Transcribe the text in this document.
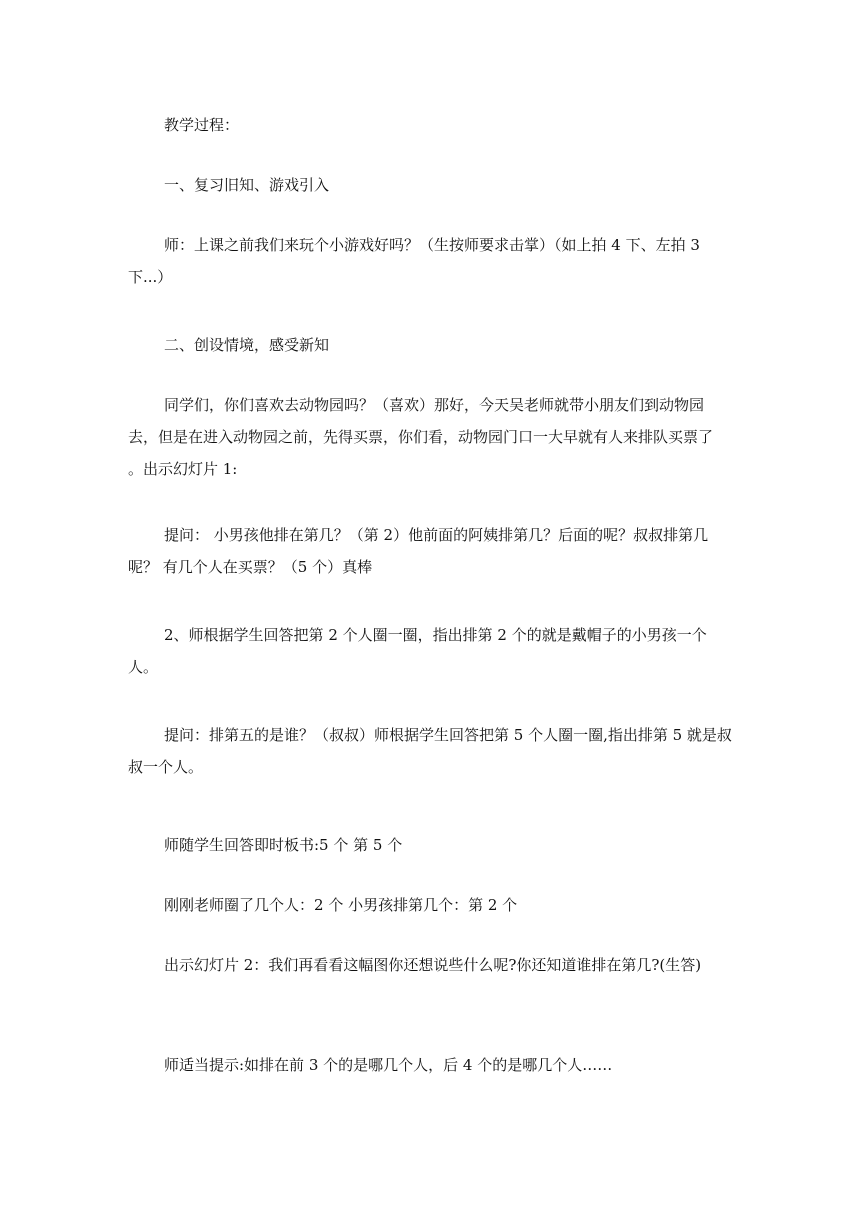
教学过程：

一、复习旧知、游戏引入

师：上课之前我们来玩个小游戏好吗？（生按师要求击掌）（如上拍 4 下、左拍 3 下...）

二、创设情境，感受新知

同学们，你们喜欢去动物园吗？（喜欢）那好，今天吴老师就带小朋友们到动物园去，但是在进入动物园之前，先得买票，你们看，动物园门口一大早就有人来排队买票了 。出示幻灯片 1:

提问： 小男孩他排在第几？（第 2）他前面的阿姨排第几？后面的呢？叔叔排第几呢？ 有几个人在买票？（5 个）真棒

2、师根据学生回答把第 2 个人圈一圈，指出排第 2 个的就是戴帽子的小男孩一个人。

提问：排第五的是谁？（叔叔）师根据学生回答把第 5 个人圈一圈,指出排第 5 就是叔叔一个人。

师随学生回答即时板书:5 个 第 5 个

刚刚老师圈了几个人：2 个 小男孩排第几个：第 2 个

出示幻灯片 2：我们再看看这幅图你还想说些什么呢?你还知道谁排在第几?(生答)

师适当提示:如排在前 3 个的是哪几个人，后 4 个的是哪几个人……
